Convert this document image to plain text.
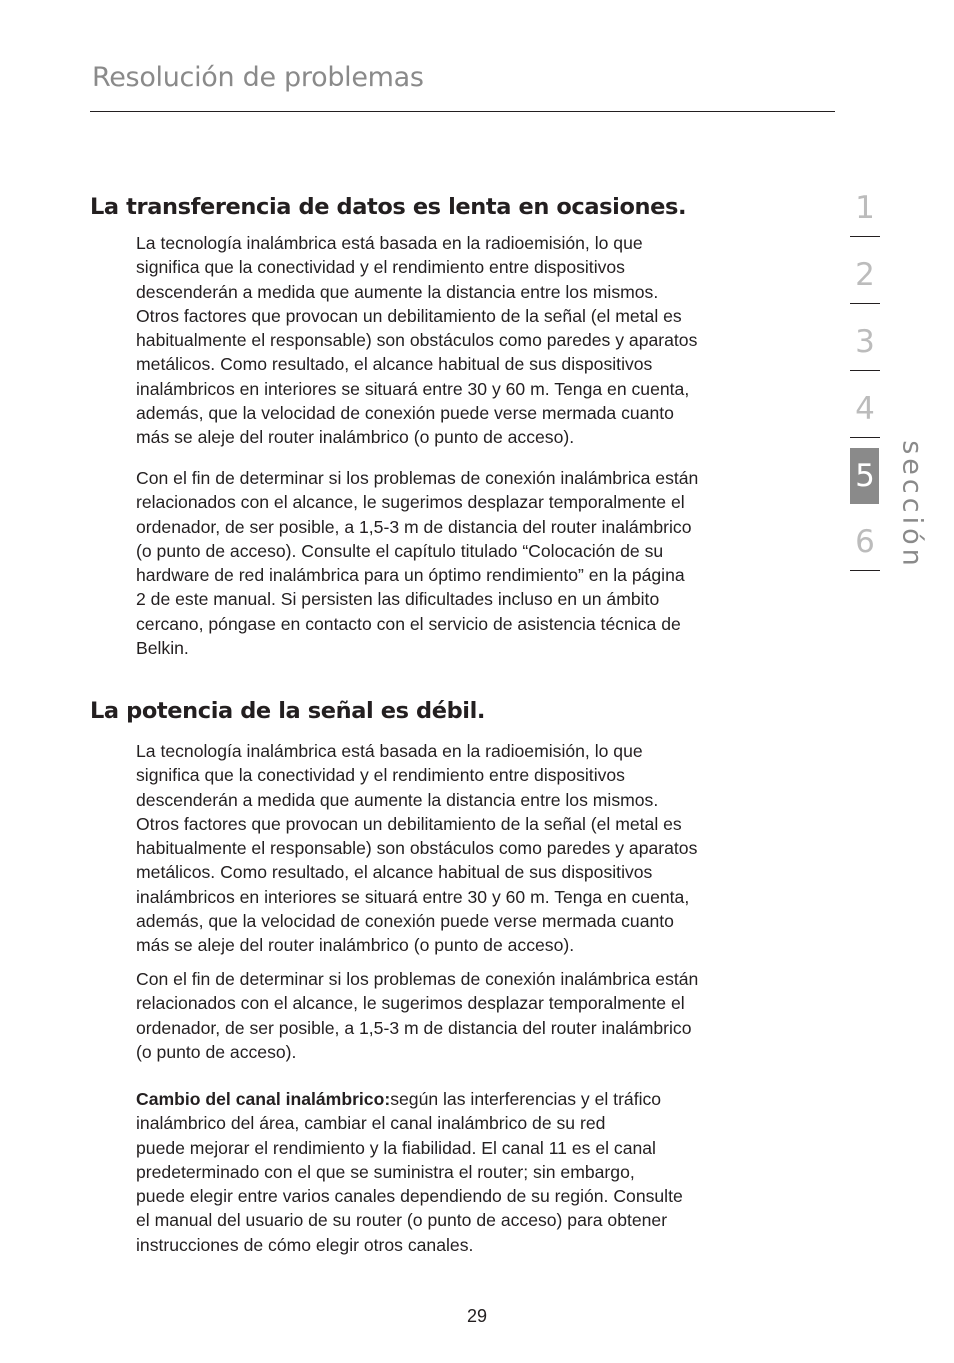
Resolución de problemas
La transferencia de datos es lenta en ocasiones.

La tecnología inalámbrica está basada en la radioemisión, lo que
significa que la conectividad y el rendimiento entre dispositivos
descenderán a medida que aumente la distancia entre los mismos.
Otros factores que provocan un debilitamiento de la señal (el metal es
habitualmente el responsable) son obstáculos como paredes y aparatos
metálicos. Como resultado, el alcance habitual de sus dispositivos
inalámbricos en interiores se situará entre 30 y 60 m. Tenga en cuenta,
además, que la velocidad de conexión puede verse mermada cuanto
más se aleje del router inalámbrico (o punto de acceso).

Con el fin de determinar si los problemas de conexión inalámbrica están
relacionados con el alcance, le sugerimos desplazar temporalmente el
ordenador, de ser posible, a 1,5-3 m de distancia del router inalámbrico
(o punto de acceso). Consulte el capítulo titulado “Colocación de su
hardware de red inalámbrica para un óptimo rendimiento” en la página
2 de este manual. Si persisten las dificultades incluso en un ámbito
cercano, póngase en contacto con el servicio de asistencia técnica de
Belkin.

La potencia de la señal es débil.

La tecnología inalámbrica está basada en la radioemisión, lo que
significa que la conectividad y el rendimiento entre dispositivos
descenderán a medida que aumente la distancia entre los mismos.
Otros factores que provocan un debilitamiento de la señal (el metal es
habitualmente el responsable) son obstáculos como paredes y aparatos
metálicos. Como resultado, el alcance habitual de sus dispositivos
inalámbricos en interiores se situará entre 30 y 60 m. Tenga en cuenta,
además, que la velocidad de conexión puede verse mermada cuanto
más se aleje del router inalámbrico (o punto de acceso).

Con el fin de determinar si los problemas de conexión inalámbrica están
relacionados con el alcance, le sugerimos desplazar temporalmente el
ordenador, de ser posible, a 1,5-3 m de distancia del router inalámbrico
(o punto de acceso).

Cambio del canal inalámbrico:según las interferencias y el tráfico
inalámbrico del área, cambiar el canal inalámbrico de su red
puede mejorar el rendimiento y la fiabilidad. El canal 11 es el canal
predeterminado con el que se suministra el router; sin embargo,
puede elegir entre varios canales dependiendo de su región. Consulte
el manual del usuario de su router (o punto de acceso) para obtener
instrucciones de cómo elegir otros canales.

1
2
3
4
5
6 sección
29
